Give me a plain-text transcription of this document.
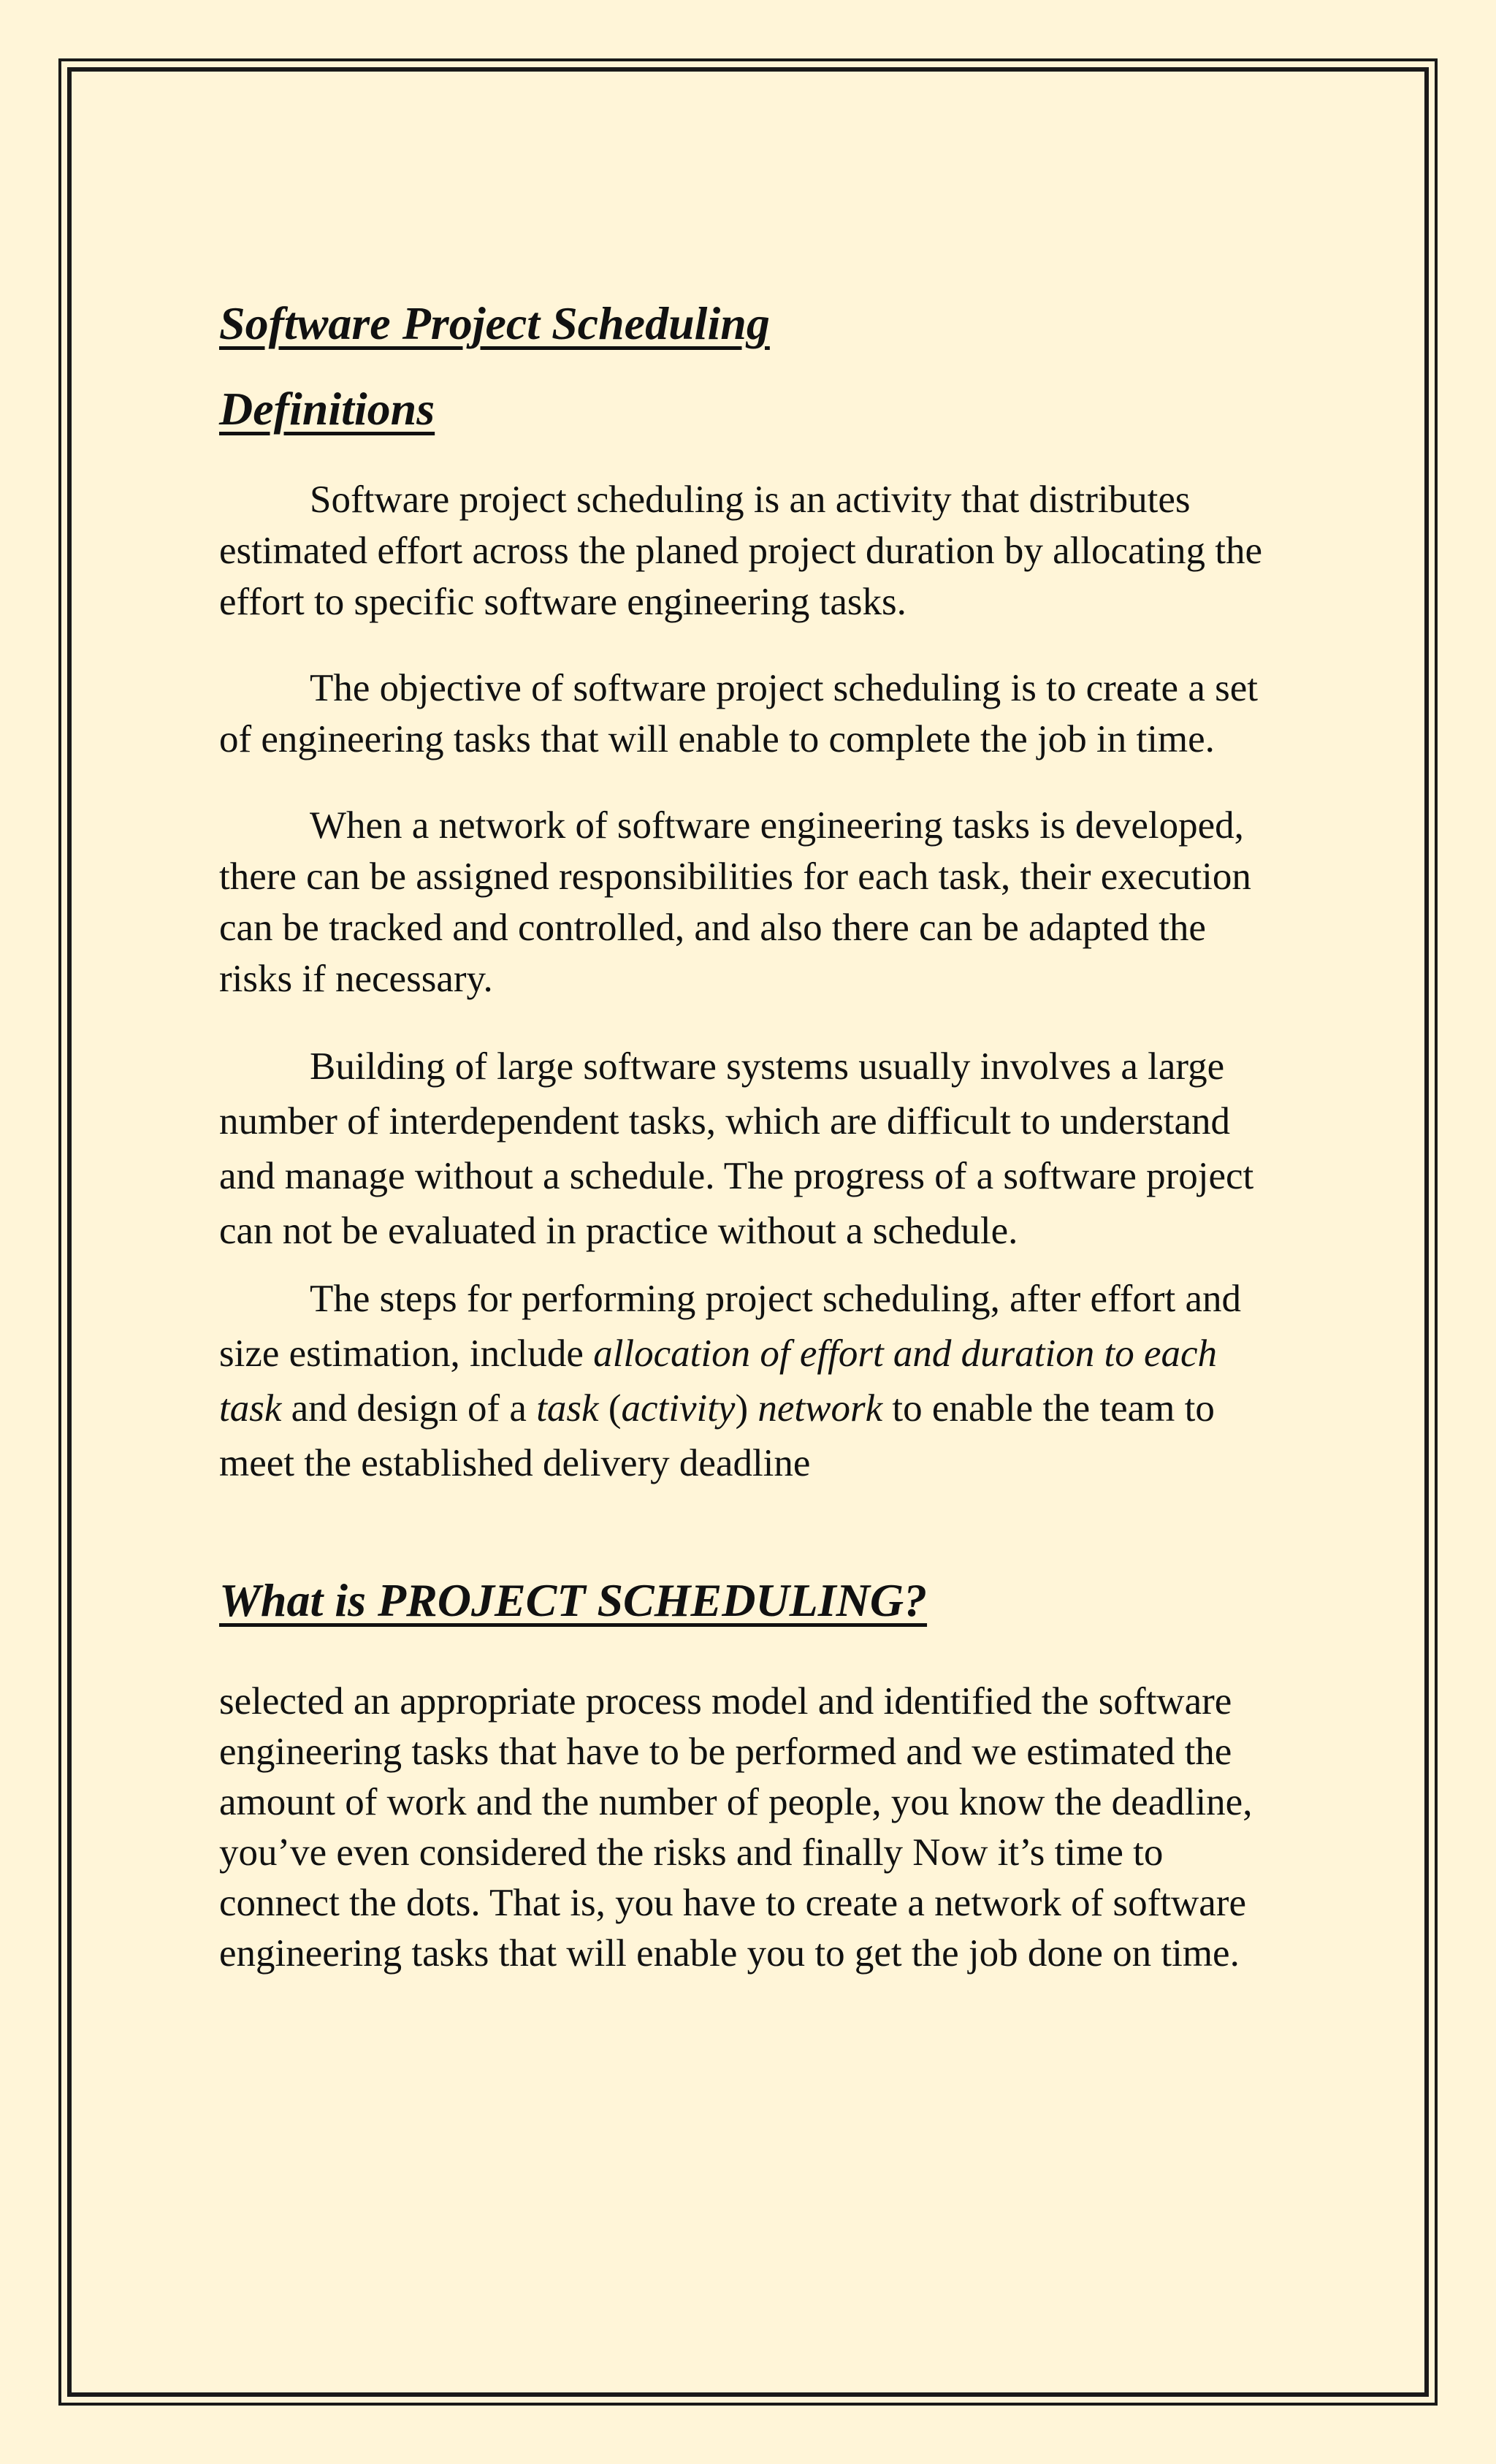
Software Project Scheduling
Definitions

Software project scheduling is an activity that distributes estimated effort across the planed project duration by allocating the effort to specific software engineering tasks.

The objective of software project scheduling is to create a set
of engineering tasks that will enable to complete the job in time.

When a network of software engineering tasks is developed, there can be assigned responsibilities for each task, their execution can be tracked and controlled, and also there can be adapted the risks if necessary.

Building of large software systems usually involves a large number of interdependent tasks, which are difficult to understand and manage without a schedule. The progress of a software project can not be evaluated in practice without a schedule.

The steps for performing project scheduling, after effort and size estimation, include allocation of effort and duration to each task and design of a task (activity) network to enable the team to meet the established delivery deadline

What is PROJECT SCHEDULING?

selected an appropriate process model and identified the software engineering tasks that have to be performed and we estimated the amount of work and the number of people, you know the deadline, you’ve even considered the risks and finally Now it’s time to connect the dots. That is, you have to create a network of software engineering tasks that will enable you to get the job done on time.
